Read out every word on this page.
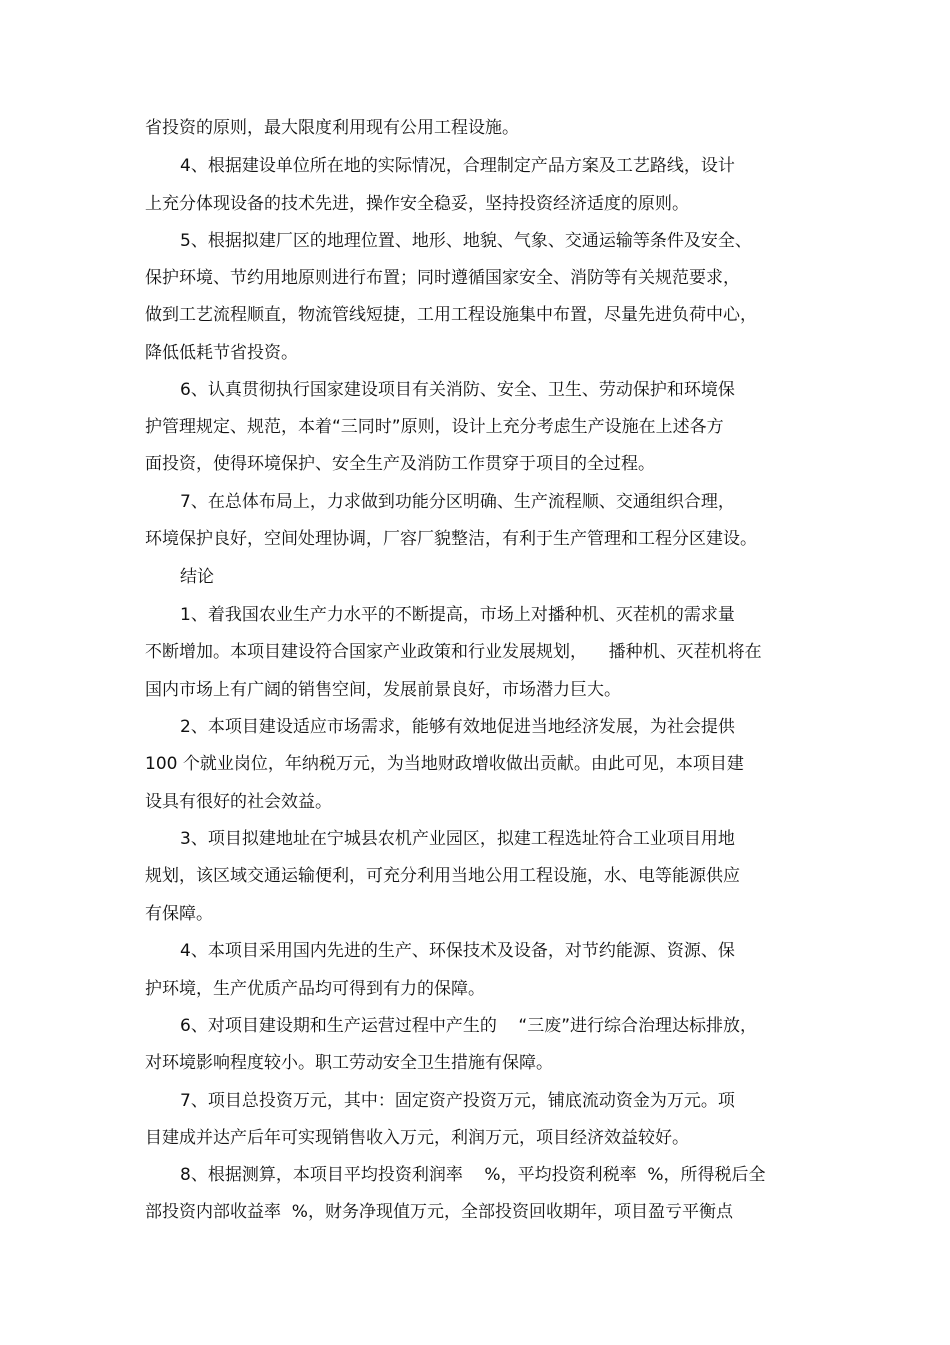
省投资的原则，最大限度利用现有公用工程设施。

4、根据建设单位所在地的实际情况，合理制定产品方案及工艺路线，设计

上充分体现设备的技术先进，操作安全稳妥，坚持投资经济适度的原则。

5、根据拟建厂区的地理位置、地形、地貌、气象、交通运输等条件及安全、

保护环境、节约用地原则进行布置；同时遵循国家安全、消防等有关规范要求，

做到工艺流程顺直，物流管线短捷，工用工程设施集中布置，尽量先进负荷中心，

降低低耗节省投资。

6、认真贯彻执行国家建设项目有关消防、安全、卫生、劳动保护和环境保

护管理规定、规范，本着“三同时”原则，设计上充分考虑生产设施在上述各方

面投资，使得环境保护、安全生产及消防工作贯穿于项目的全过程。

7、在总体布局上，力求做到功能分区明确、生产流程顺、交通组织合理，

环境保护良好，空间处理协调，厂容厂貌整洁，有利于生产管理和工程分区建设。

结论

1、着我国农业生产力水平的不断提高，市场上对播种机、灭茬机的需求量

不断增加。本项目建设符合国家产业政策和行业发展规划，    播种机、灭茬机将在

国内市场上有广阔的销售空间，发展前景良好，市场潜力巨大。

2、本项目建设适应市场需求，能够有效地促进当地经济发展，为社会提供

100 个就业岗位，年纳税万元，为当地财政增收做出贡献。由此可见，本项目建

设具有很好的社会效益。

3、项目拟建地址在宁城县农机产业园区，拟建工程选址符合工业项目用地

规划，该区域交通运输便利，可充分利用当地公用工程设施，水、电等能源供应

有保障。

4、本项目采用国内先进的生产、环保技术及设备，对节约能源、资源、保

护环境，生产优质产品均可得到有力的保障。

6、对项目建设期和生产运营过程中产生的    “三废”进行综合治理达标排放，

对环境影响程度较小。职工劳动安全卫生措施有保障。

7、项目总投资万元，其中：固定资产投资万元，铺底流动资金为万元。项

目建成并达产后年可实现销售收入万元，利润万元，项目经济效益较好。

8、根据测算，本项目平均投资利润率    %，平均投资利税率  %，所得税后全

部投资内部收益率  %，财务净现值万元，全部投资回收期年，项目盈亏平衡点
